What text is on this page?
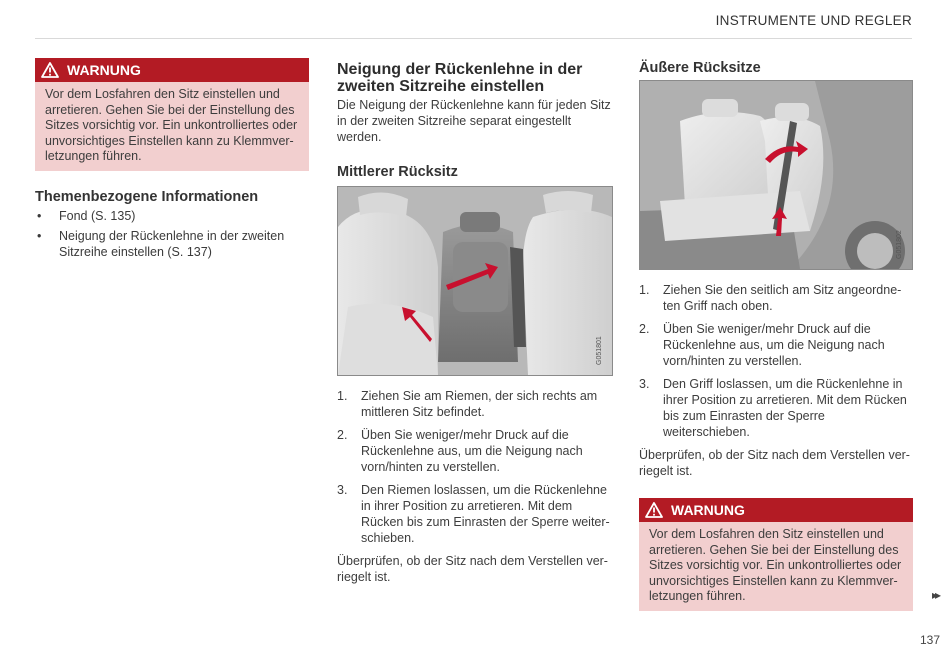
INSTRUMENTE UND REGLER
WARNUNG
Vor dem Losfahren den Sitz einstellen und arretieren. Gehen Sie bei der Einstellung des Sitzes vorsichtig vor. Ein unkontrolliertes oder unvorsichtiges Einstellen kann zu Klemmver-letzungen führen.
Themenbezogene Informationen
• Fond (S. 135)
• Neigung der Rückenlehne in der zweiten Sitzreihe einstellen (S. 137)
Neigung der Rückenlehne in der zweiten Sitzreihe einstellen

Die Neigung der Rückenlehne kann für jeden Sitz in der zweiten Sitzreihe separat eingestellt werden.

Mittlerer Rücksitz
G051801
1. Ziehen Sie am Riemen, der sich rechts am mittleren Sitz befindet.
2. Üben Sie weniger/mehr Druck auf die Rückenlehne aus, um die Neigung nach vorn/hinten zu verstellen.
3. Den Riemen loslassen, um die Rückenlehne in ihrer Position zu arretieren. Mit dem Rücken bis zum Einrasten der Sperre weiter-schieben.

Überprüfen, ob der Sitz nach dem Verstellen ver-riegelt ist.

Äußere Rücksitze
G051802
1. Ziehen Sie den seitlich am Sitz angeordne-ten Griff nach oben.
2. Üben Sie weniger/mehr Druck auf die Rückenlehne aus, um die Neigung nach vorn/hinten zu verstellen.
3. Den Griff loslassen, um die Rückenlehne in ihrer Position zu arretieren. Mit dem Rücken bis zum Einrasten der Sperre weiterschieben.

Überprüfen, ob der Sitz nach dem Verstellen ver-riegelt ist.

WARNUNG
Vor dem Losfahren den Sitz einstellen und arretieren. Gehen Sie bei der Einstellung des Sitzes vorsichtig vor. Ein unkontrolliertes oder unvorsichtiges Einstellen kann zu Klemmver-letzungen führen.	▸▸
137
